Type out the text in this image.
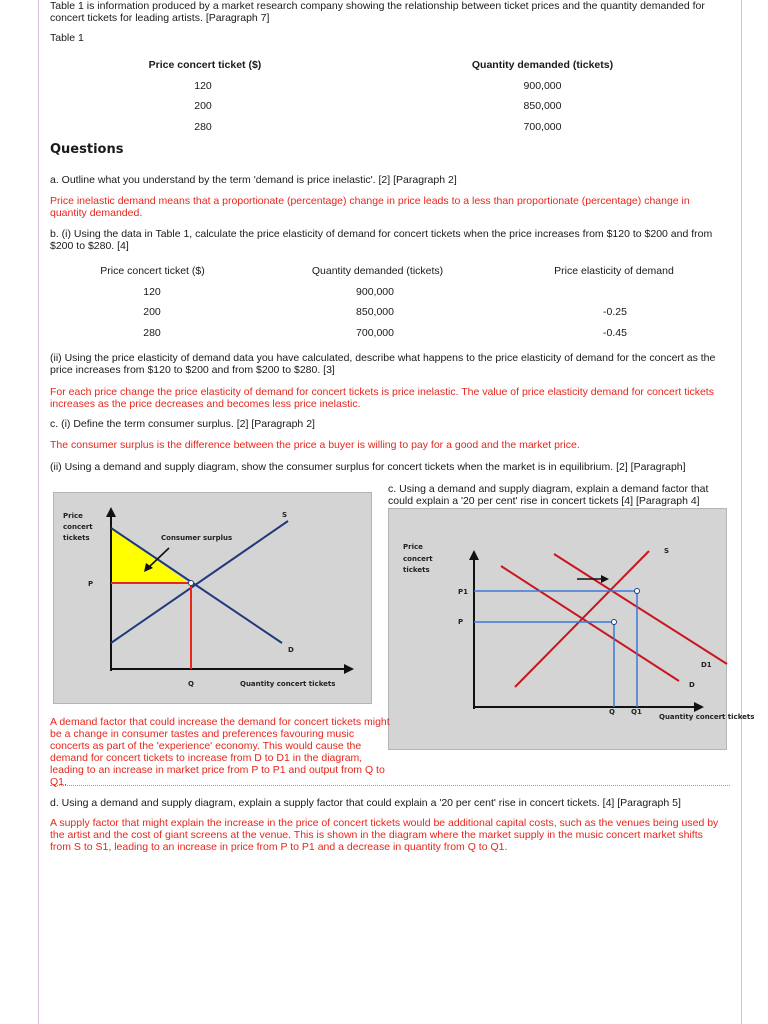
Table 1 is information produced by a market research company showing the relationship between ticket prices and the quantity demanded for concert tickets for leading artists. [Paragraph 7]

Table 1

Price concert ticket ($)	Quantity demanded (tickets)

120	900,000

200	850,000

280	700,000

Questions

a. Outline what you understand by the term 'demand is price inelastic'. [2] [Paragraph 2]

Price inelastic demand means that a proportionate (percentage) change in price leads to a less than proportionate (percentage) change in quantity demanded.

b. (i) Using the data in Table 1, calculate the price elasticity of demand for concert tickets when the price increases from $120 to $200 and from $200 to $280. [4]

Price concert ticket ($)	Quantity demanded (tickets)	Price elasticity of demand

120	900,000

200	850,000	-0.25

280	700,000	-0.45

(ii) Using the price elasticity of demand data you have calculated, describe what happens to the price elasticity of demand for the concert as the price increases from $120 to $200 and from $200 to $280. [3]

For each price change the price elasticity of demand for concert tickets is price inelastic. The value of price elasticity demand for concert tickets increases as the price decreases and becomes less price inelastic.

c. (i) Define the term consumer surplus. [2] [Paragraph 2]

The consumer surplus is the difference between the price a buyer is willing to pay for a good and the market price.

(ii) Using a demand and supply diagram, show the consumer surplus for concert tickets when the market is in equilibrium. [2] [Paragraph]

c. Using a demand and supply diagram, explain a demand factor that could explain a '20 per cent' rise in concert tickets [4] [Paragraph 4]

Price
concert
tickets	Consumer surplus
S
D
P
Q	Quantity concert tickets
Price
concert
tickets
S
D
D1
P
P1
Q Q1
Quantity concert tickets

A demand factor that could increase the demand for concert tickets might be a change in consumer tastes and preferences favouring music concerts as part of the 'experience' economy. This would cause the demand for concert tickets to increase from D to D1 in the diagram, leading to an increase in market price from P to P1 and output from Q to Q1.

d. Using a demand and supply diagram, explain a supply factor that could explain a '20 per cent' rise in concert tickets. [4] [Paragraph 5]

A supply factor that might explain the increase in the price of concert tickets would be additional capital costs, such as the venues being used by the artist and the cost of giant screens at the venue. This is shown in the diagram where the market supply in the music concert market shifts from S to S1, leading to an increase in price from P to P1 and a decrease in quantity from Q to Q1.
